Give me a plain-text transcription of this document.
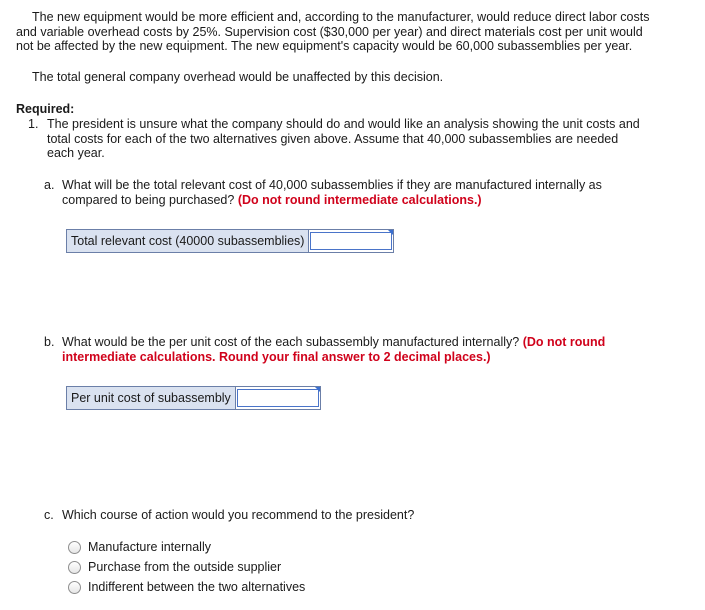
The new equipment would be more efficient and, according to the manufacturer, would reduce direct labor costs and variable overhead costs by 25%. Supervision cost ($30,000 per year) and direct materials cost per unit would not be affected by the new equipment. The new equipment's capacity would be 60,000 subassemblies per year.

The total general company overhead would be unaffected by this decision.

Required:

1. The president is unsure what the company should do and would like an analysis showing the unit costs and total costs for each of the two alternatives given above. Assume that 40,000 subassemblies are needed each year.
a. What will be the total relevant cost of 40,000 subassemblies if they are manufactured internally as compared to being purchased? (Do not round intermediate calculations.)
Total relevant cost (40000 subassemblies)
b. What would be the per unit cost of the each subassembly manufactured internally? (Do not round intermediate calculations. Round your final answer to 2 decimal places.)
Per unit cost of subassembly
c. Which course of action would you recommend to the president?
Manufacture internally
Purchase from the outside supplier
Indifferent between the two alternatives
